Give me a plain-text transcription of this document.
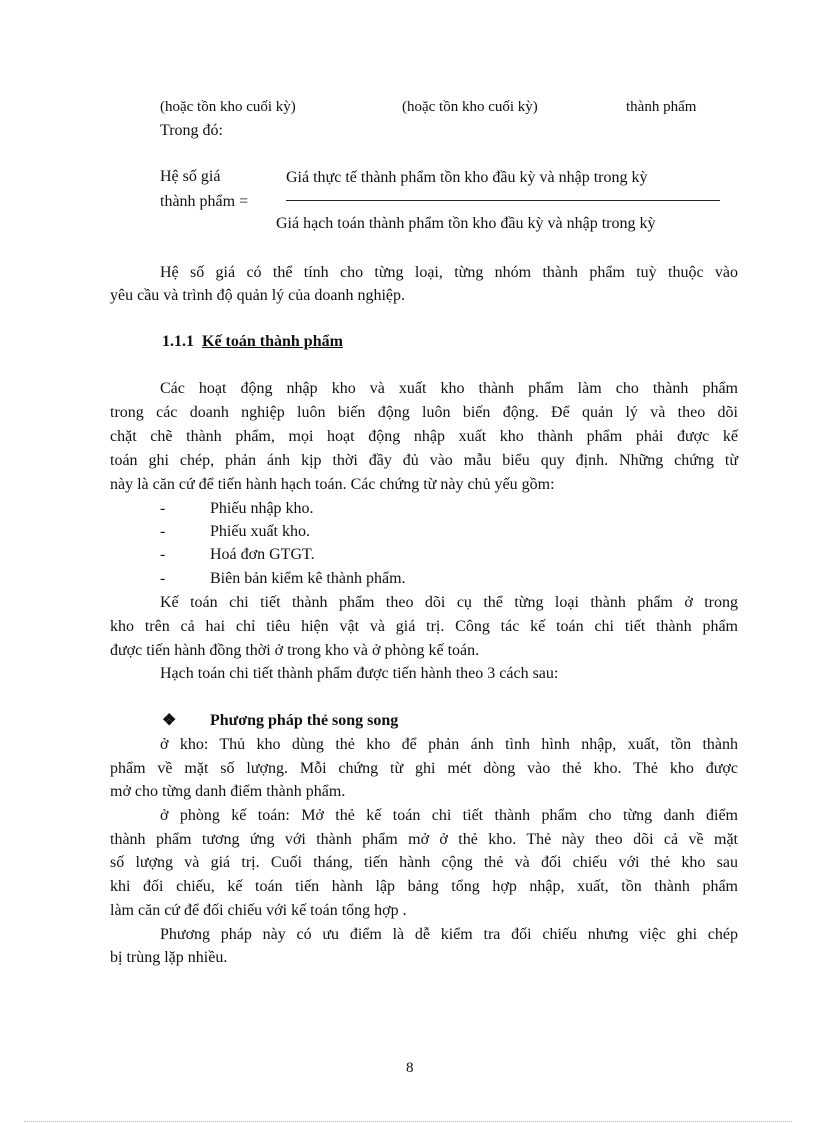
(hoặc tồn kho cuối kỳ)	(hoặc tồn kho cuối kỳ)	thành phẩm
Trong đó:
Hệ số giá
thành phẩm =
Giá thực tế thành phẩm tồn kho đầu kỳ và nhập trong kỳ
Giá hạch toán thành phẩm tồn kho đầu kỳ và nhập trong kỳ
Hệ số giá có thể tính cho từng loại, từng nhóm thành phẩm tuỳ thuộc vào
yêu cầu và trình độ quản lý của doanh nghiệp.
1.1.1 Kế toán thành phẩm
Các hoạt động nhập kho và xuất kho thành phẩm làm cho thành phẩm
trong các doanh nghiệp luôn biến động luôn biến động. Để quản lý và theo dõi
chặt chẽ thành phẩm, mọi hoạt động nhập xuất kho thành phẩm phải được kế
toán ghi chép, phản ánh kịp thời đầy đủ vào mẫu biểu quy định. Những chứng từ
này là căn cứ để tiến hành hạch toán. Các chứng từ này chủ yếu gồm:
-	Phiếu nhập kho.
-	Phiếu xuất kho.
-	Hoá đơn GTGT.
-	Biên bản kiểm kê thành phẩm.
Kế toán chi tiết thành phẩm theo dõi cụ thể từng loại thành phẩm ở trong
kho trên cả hai chỉ tiêu hiện vật và giá trị. Công tác kế toán chi tiết thành phẩm
được tiến hành đồng thời ở trong kho và ở phòng kế toán.
Hạch toán chi tiết thành phẩm được tiến hành theo 3 cách sau:
❖ Phương pháp thẻ song song
ở kho: Thủ kho dùng thẻ kho để phản ánh tình hình nhập, xuất, tồn thành
phẩm về mặt số lượng. Mỗi chứng từ ghi mét dòng vào thẻ kho. Thẻ kho được
mở cho từng danh điểm thành phẩm.
ở phòng kế toán: Mở thẻ kế toán chi tiết thành phẩm cho từng danh điểm
thành phẩm tương ứng với thành phẩm mở ở thẻ kho. Thẻ này theo dõi cả về mặt
số lượng và giá trị. Cuối tháng, tiến hành cộng thẻ và đối chiếu với thẻ kho sau
khi đối chiếu, kế toán tiến hành lập bảng tổng hợp nhập, xuất, tồn thành phẩm
làm căn cứ để đối chiếu với kế toán tổng hợp .
Phương pháp này có ưu điểm là dễ kiểm tra đối chiếu nhưng việc ghi chép
bị trùng lặp nhiều.
8
